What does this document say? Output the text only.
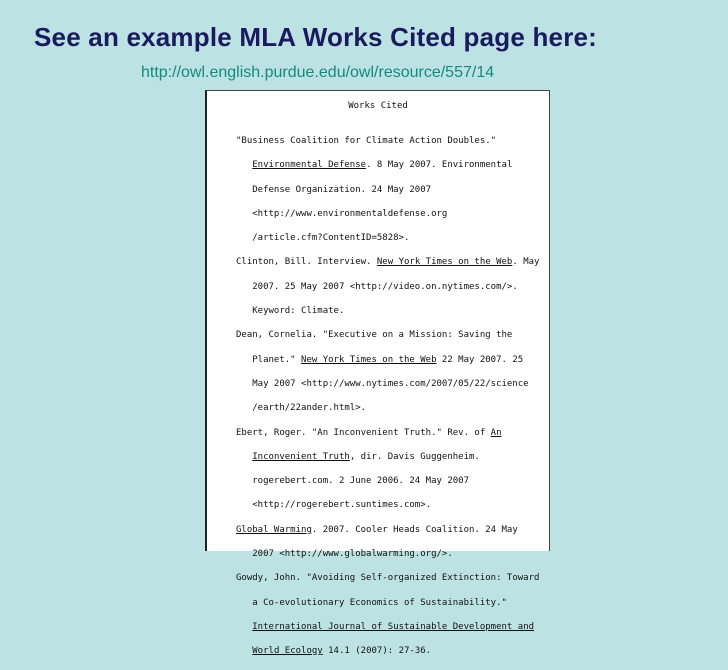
See an example MLA Works Cited page here:
http://owl.english.purdue.edu/owl/resource/557/14
Works Cited
"Business Coalition for Climate Action Doubles."
Environmental Defense. 8 May 2007. Environmental
Defense Organization. 24 May 2007
<http://www.environmentaldefense.org
/article.cfm?ContentID=5828>.
Clinton, Bill. Interview. New York Times on the Web. May
2007. 25 May 2007 <http://video.on.nytimes.com/>.
Keyword: Climate.
Dean, Cornelia. "Executive on a Mission: Saving the
Planet." New York Times on the Web 22 May 2007. 25
May 2007 <http://www.nytimes.com/2007/05/22/science
/earth/22ander.html>.
Ebert, Roger. "An Inconvenient Truth." Rev. of An
Inconvenient Truth, dir. Davis Guggenheim.
rogerebert.com. 2 June 2006. 24 May 2007
<http://rogerebert.suntimes.com>.
Global Warming. 2007. Cooler Heads Coalition. 24 May
2007 <http://www.globalwarming.org/>.
Gowdy, John. "Avoiding Self-organized Extinction: Toward
a Co-evolutionary Economics of Sustainability."
International Journal of Sustainable Development and
World Ecology 14.1 (2007): 27-36.
